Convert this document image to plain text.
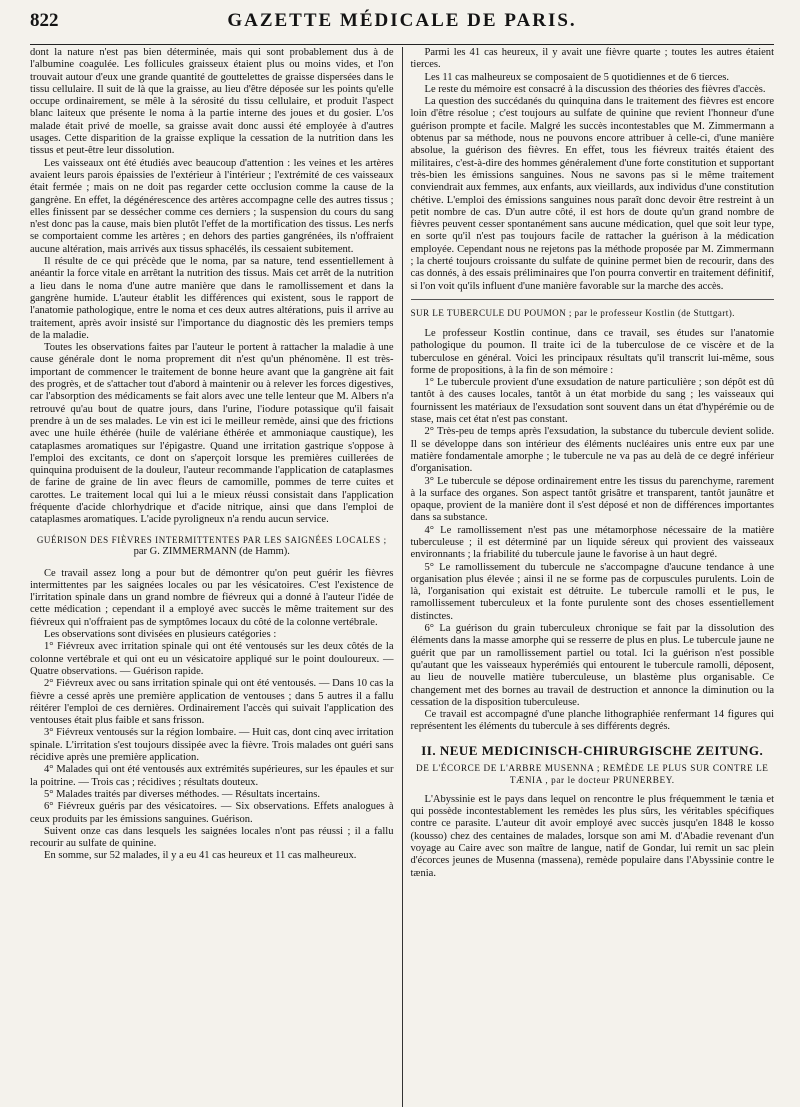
822	GAZETTE MÉDICALE DE PARIS.

dont la nature n'est pas bien déterminée, mais qui sont probablement dus à de l'albumine coagulée. Les follicules graisseux étaient plus ou moins vides, et l'on trouvait autour d'eux une grande quantité de gouttelettes de graisse dispersées dans le tissu cellulaire. Il suit de là que la graisse, au lieu d'être déposée sur les points qu'elle occupe ordinairement, se mêle à la sérosité du tissu cellulaire, et produit l'aspect blanc laiteux que présente le noma à la partie interne des joues et du gosier. L'os malade était privé de moelle, sa graisse avait donc aussi été employée à d'autres usages. Cette disparition de la graisse explique la cessation de la nutrition dans les tissus et peut-être leur dissolution.

Les vaisseaux ont été étudiés avec beaucoup d'attention : les veines et les artères avaient leurs parois épaissies de l'extérieur à l'intérieur ; l'extrémité de ces vaisseaux était fermée ; mais on ne doit pas regarder cette occlusion comme la cause de la gangrène. En effet, la dégénérescence des artères accompagne celle des autres tissus ; elles finissent par se dessécher comme ces derniers ; la suspension du cours du sang n'est donc pas la cause, mais bien plutôt l'effet de la mortification des tissus. Les nerfs se comportaient comme les artères ; en dehors des parties gangrénées, ils n'offraient aucune altération, mais arrivés aux tissus sphacélés, ils cessaient subitement.

Il résulte de ce qui précède que le noma, par sa nature, tend essentiellement à anéantir la force vitale en arrêtant la nutrition des tissus. Mais cet arrêt de la nutrition a lieu dans le noma d'une autre manière que dans le ramollissement et dans la gangrène humide. L'auteur établit les différences qui existent, sous le rapport de l'anatomie pathologique, entre le noma et ces deux autres altérations, puis il arrive au traitement, après avoir insisté sur l'importance du diagnostic dès les premiers temps de la maladie.

Toutes les observations faites par l'auteur le portent à rattacher la maladie à une cause générale dont le noma proprement dit n'est qu'un phénomène. Il est très-important de commencer le traitement de bonne heure avant que la gangrène ait fait des progrès, et de s'attacher tout d'abord à maintenir ou à relever les forces digestives, car l'absorption des médicaments se fait alors avec une telle lenteur que M. Albers n'a retrouvé qu'au bout de quatre jours, dans l'urine, l'iodure potassique qu'il faisait prendre à un de ses malades. Le vin est ici le meilleur remède, ainsi que des frictions avec une huile éthérée (huile de valériane éthérée et ammoniaque caustique), les cataplasmes aromatiques sur l'épigastre. Quand une irritation gastrique s'oppose à l'emploi des excitants, ce dont on s'aperçoit lorsque les premières cuillerées de quinquina produisent de la douleur, l'auteur recommande l'application de cataplasmes de farine de graine de lin avec fleurs de camomille, pommes de terre cuites et carottes. Le traitement local qui lui a le mieux réussi consistait dans l'application fréquente d'acide chlorhydrique et d'acide nitrique, ainsi que dans l'emploi de cataplasmes aromatiques. L'acide pyroligneux n'a rendu aucun service.

GUÉRISON DES FIÈVRES INTERMITTENTES PAR LES SAIGNÉES LOCALES ;

par G. ZIMMERMANN (de Hamm).

Ce travail assez long a pour but de démontrer qu'on peut guérir les fièvres intermittentes par les saignées locales ou par les vésicatoires. C'est l'existence de l'irritation spinale dans un grand nombre de fiévreux qui a donné à l'auteur l'idée de cette médication ; cependant il a employé avec succès le même traitement sur des fiévreux qui n'offraient pas de symptômes locaux du côté de la colonne vertébrale.

Les observations sont divisées en plusieurs catégories :

1° Fiévreux avec irritation spinale qui ont été ventousés sur les deux côtés de la colonne vertébrale et qui ont eu un vésicatoire appliqué sur le point douloureux. — Quatre observations. — Guérison rapide.

2° Fiévreux avec ou sans irritation spinale qui ont été ventousés. — Dans 10 cas la fièvre a cessé après une première application de ventouses ; dans 5 autres il a fallu réitérer l'emploi de ces dernières. Ordinairement l'accès qui suivait l'application des ventouses était plus faible et sans frisson.

3° Fiévreux ventousés sur la région lombaire. — Huit cas, dont cinq avec irritation spinale. L'irritation s'est toujours dissipée avec la fièvre. Trois malades ont guéri sans récidive après une première application.

4° Malades qui ont été ventousés aux extrémités supérieures, sur les épaules et sur la poitrine. — Trois cas ; récidives ; résultats douteux.

5° Malades traités par diverses méthodes. — Résultats incertains.

6° Fiévreux guéris par des vésicatoires. — Six observations. Effets analogues à ceux produits par les émissions sanguines. Guérison.

Suivent onze cas dans lesquels les saignées locales n'ont pas réussi ; il a fallu recourir au sulfate de quinine.

En somme, sur 52 malades, il y a eu 41 cas heureux et 11 cas malheureux.

Parmi les 41 cas heureux, il y avait une fièvre quarte ; toutes les autres étaient tierces.

Les 11 cas malheureux se composaient de 5 quotidiennes et de 6 tierces.

Le reste du mémoire est consacré à la discussion des théories des fièvres d'accès.

La question des succédanés du quinquina dans le traitement des fièvres est encore loin d'être résolue ; c'est toujours au sulfate de quinine que revient l'honneur d'une guérison prompte et facile. Malgré les succès incontestables que M. Zimmermann a obtenus par sa méthode, nous ne pouvons encore attribuer à celle-ci, d'une manière absolue, la guérison des fièvres. En effet, tous les fiévreux traités étaient des militaires, c'est-à-dire des hommes généralement d'une forte constitution et supportant très-bien les émissions sanguines. Nous ne savons pas si le même traitement conviendrait aux femmes, aux enfants, aux vieillards, aux individus d'une constitution chétive. L'emploi des émissions sanguines nous paraît donc devoir être restreint à un petit nombre de cas. D'un autre côté, il est hors de doute qu'un grand nombre de fièvres peuvent cesser spontanément sans aucune médication, quel que soit leur type, en sorte qu'il n'est pas toujours facile de rattacher la guérison à la médication employée. Cependant nous ne rejetons pas la méthode proposée par M. Zimmermann ; la cherté toujours croissante du sulfate de quinine permet bien de recourir, dans des cas donnés, à des essais préliminaires que l'on pourra convertir en traitement définitif, si l'on voit qu'ils influent d'une manière favorable sur la marche des accès.

SUR LE TUBERCULE DU POUMON ; par le professeur Kostlin (de Stuttgart).

Le professeur Kostlin continue, dans ce travail, ses études sur l'anatomie pathologique du poumon. Il traite ici de la tuberculose de ce viscère et de la tuberculose en général. Voici les principaux résultats qu'il transcrit lui-même, sous forme de propositions, à la fin de son mémoire :

1° Le tubercule provient d'une exsudation de nature particulière ; son dépôt est dû tantôt à des causes locales, tantôt à un état morbide du sang ; les vaisseaux qui fournissent les matériaux de l'exsudation sont souvent dans un état d'hypérémie ou de stase, mais cet état n'est pas constant.

2° Très-peu de temps après l'exsudation, la substance du tubercule devient solide. Il se développe dans son intérieur des éléments nucléaires unis entre eux par une matière fondamentale amorphe ; le tubercule ne va pas au delà de ce degré inférieur d'organisation.

3° Le tubercule se dépose ordinairement entre les tissus du parenchyme, rarement à la surface des organes. Son aspect tantôt grisâtre et transparent, tantôt jaunâtre et opaque, provient de la manière dont il s'est déposé et non de différences importantes dans sa substance.

4° Le ramollissement n'est pas une métamorphose nécessaire de la matière tuberculeuse ; il est déterminé par un liquide séreux qui provient des vaisseaux environnants ; la friabilité du tubercule jaune le favorise à un haut degré.

5° Le ramollissement du tubercule ne s'accompagne d'aucune tendance à une organisation plus élevée ; ainsi il ne se forme pas de corpuscules purulents. Loin de là, l'organisation qui existait est détruite. Le tubercule ramolli et le pus, le ramollissement tuberculeux et la fonte purulente sont des choses essentiellement distinctes.

6° La guérison du grain tuberculeux chronique se fait par la dissolution des éléments dans la masse amorphe qui se resserre de plus en plus. Le tubercule jaune ne guérit que par un ramollissement partiel ou total. Ici la guérison n'est possible qu'autant que les vaisseaux hyperémiés qui entourent le tubercule ramolli, déposent, au lieu de nouvelle matière tuberculeuse, un blastème plus organisable. Ce changement met des bornes au travail de destruction et annonce la diminution ou la cessation de la disposition tuberculeuse.

Ce travail est accompagné d'une planche lithographiée renfermant 14 figures qui représentent les éléments du tubercule à ses différents degrés.

II. NEUE MEDICINISCH-CHIRURGISCHE ZEITUNG.

DE L'ÉCORCE DE L'ARBRE MUSENNA ; REMÈDE LE PLUS SUR CONTRE LE TÆNIA , par le docteur PRUNERBEY.

L'Abyssinie est le pays dans lequel on rencontre le plus fréquemment le tænia et qui possède incontestablement les remèdes les plus sûrs, les véritables spécifiques contre ce parasite. L'auteur dit avoir employé avec succès jusqu'en 1848 le kosso (kousso) chez des centaines de malades, lorsque son ami M. d'Abadie revenant d'un voyage au Caire avec son maître de langue, natif de Gondar, lui remit un sac plein d'écorces jeunes de Musenna (massena), remède populaire dans l'Abyssinie contre le tænia.
